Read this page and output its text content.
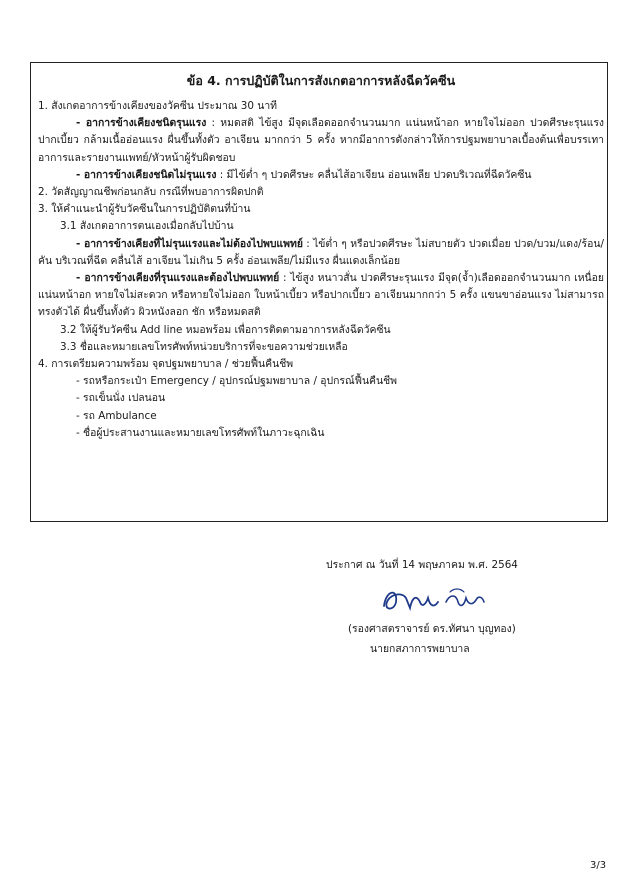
ข้อ 4. การปฏิบัติในการสังเกตอาการหลังฉีดวัคซีน

1. สังเกตอาการข้างเคียงของวัคซีน ประมาณ 30 นาที

- อาการข้างเคียงชนิดรุนแรง : หมดสติ ไข้สูง มีจุดเลือดออกจำนวนมาก แน่นหน้าอก หายใจไม่ออก ปวดศีรษะรุนแรง ปากเบี้ยว กล้ามเนื้ออ่อนแรง ผื่นขึ้นทั้งตัว อาเจียน มากกว่า 5 ครั้ง หากมีอาการดังกล่าวให้การปฐมพยาบาลเบื้องต้นเพื่อบรรเทาอาการและรายงานแพทย์/หัวหน้าผู้รับผิดชอบ

- อาการข้างเคียงชนิดไม่รุนแรง : มีไข้ต่ำ ๆ ปวดศีรษะ คลื่นไส้อาเจียน อ่อนเพลีย ปวดบริเวณที่ฉีดวัคซีน

2. วัดสัญญาณชีพก่อนกลับ กรณีที่พบอาการผิดปกติ

3. ให้คำแนะนำผู้รับวัคซีนในการปฏิบัติตนที่บ้าน

3.1 สังเกตอาการตนเองเมื่อกลับไปบ้าน

- อาการข้างเคียงที่ไม่รุนแรงและไม่ต้องไปพบแพทย์ : ไข้ต่ำ ๆ หรือปวดศีรษะ ไม่สบายตัว ปวดเมื่อย ปวด/บวม/แดง/ร้อน/คัน บริเวณที่ฉีด คลื่นไส้ อาเจียน ไม่เกิน 5 ครั้ง อ่อนเพลีย/ไม่มีแรง ผื่นแดงเล็กน้อย

- อาการข้างเคียงที่รุนแรงและต้องไปพบแพทย์ : ไข้สูง หนาวสั่น ปวดศีรษะรุนแรง มีจุด(จ้ำ)เลือดออกจำนวนมาก เหนื่อย แน่นหน้าอก หายใจไม่สะดวก หรือหายใจไม่ออก ใบหน้าเบี้ยว หรือปากเบี้ยว อาเจียนมากกว่า 5 ครั้ง แขนขาอ่อนแรง ไม่สามารถทรงตัวได้ ผื่นขึ้นทั้งตัว ผิวหนังลอก ชัก หรือหมดสติ

3.2 ให้ผู้รับวัคซีน Add line หมอพร้อม เพื่อการติดตามอาการหลังฉีดวัคซีน

3.3 ชื่อและหมายเลขโทรศัพท์หน่วยบริการที่จะขอความช่วยเหลือ

4. การเตรียมความพร้อม จุดปฐมพยาบาล / ช่วยฟื้นคืนชีพ

- รถหรือกระเป๋า Emergency / อุปกรณ์ปฐมพยาบาล / อุปกรณ์ฟื้นคืนชีพ

- รถเข็นนั่ง เปลนอน

- รถ Ambulance

- ชื่อผู้ประสานงานและหมายเลขโทรศัพท์ในภาวะฉุกเฉิน

ประกาศ ณ วันที่ 14 พฤษภาคม พ.ศ. 2564
(รองศาสตราจารย์ ดร.ทัศนา บุญทอง)
นายกสภาการพยาบาล
3/3
